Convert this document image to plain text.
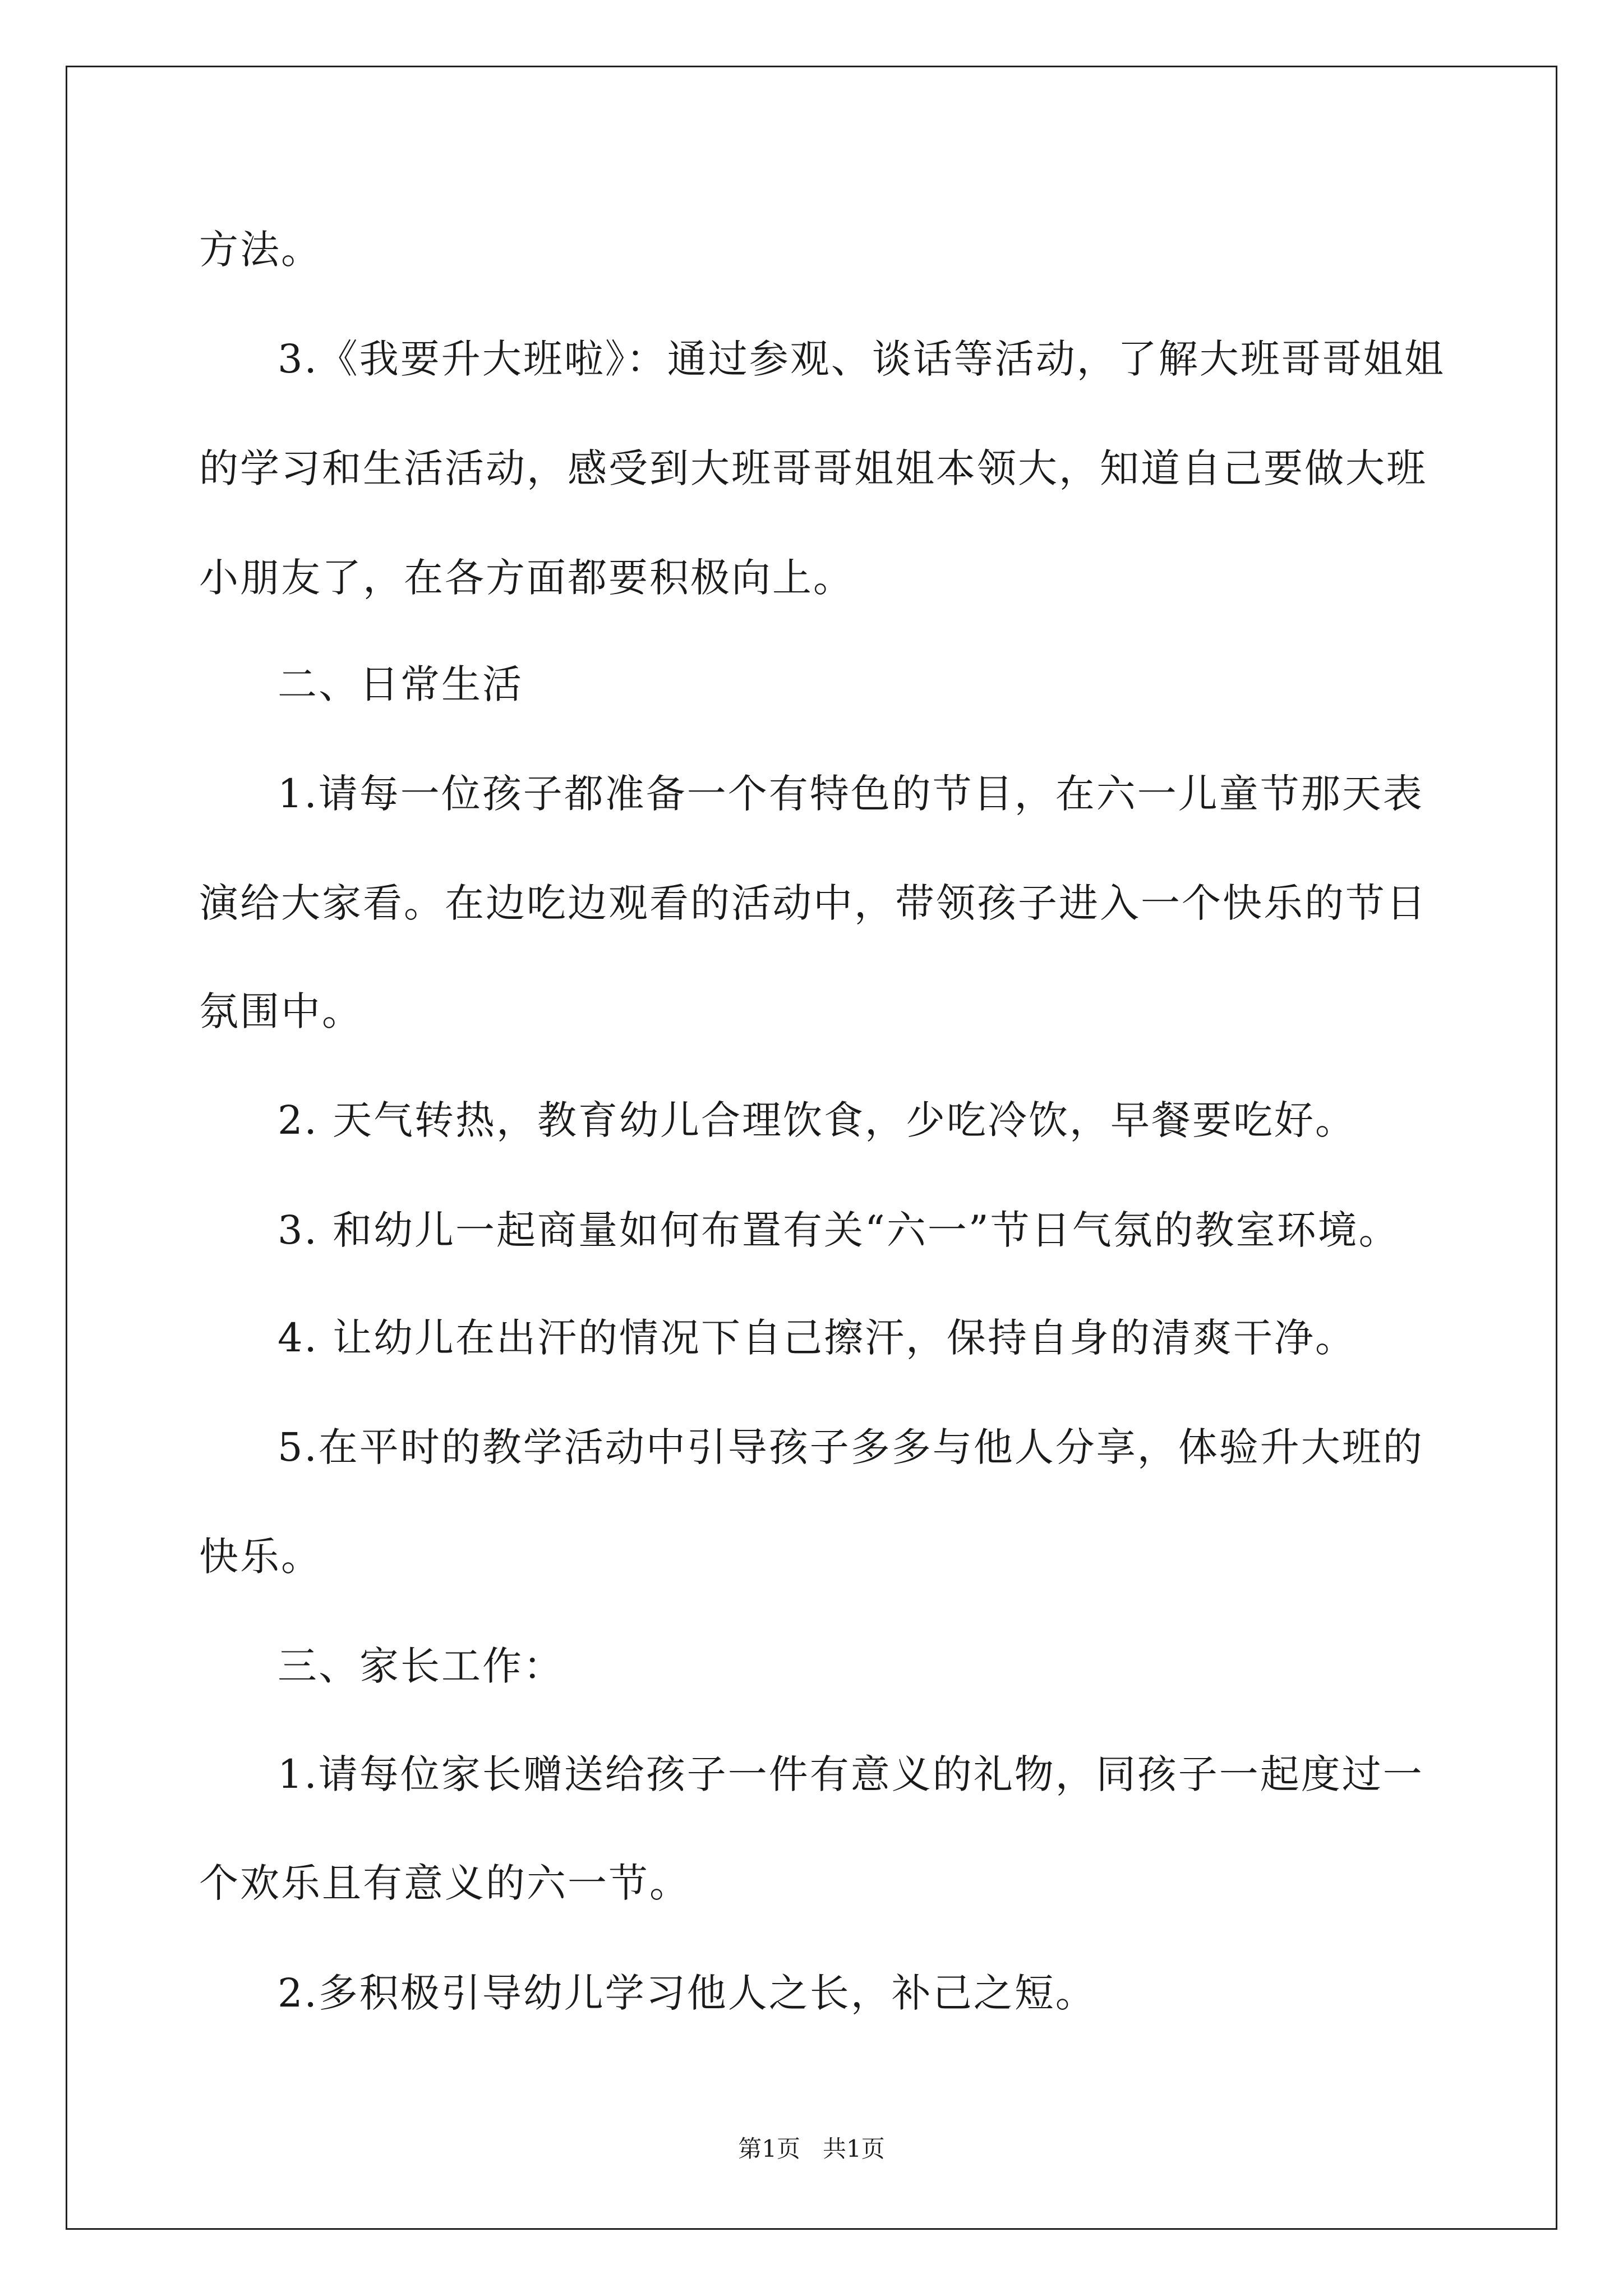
方法。
3.《我要升大班啦》：通过参观、谈话等活动，了解大班哥哥姐姐
的学习和生活活动，感受到大班哥哥姐姐本领大，知道自己要做大班
小朋友了，在各方面都要积极向上。
二、日常生活
1.请每一位孩子都准备一个有特色的节目，在六一儿童节那天表
演给大家看。在边吃边观看的活动中，带领孩子进入一个快乐的节日
氛围中。
2. 天气转热，教育幼儿合理饮食，少吃冷饮，早餐要吃好。
3. 和幼儿一起商量如何布置有关“六一”节日气氛的教室环境。
4. 让幼儿在出汗的情况下自己擦汗，保持自身的清爽干净。
5.在平时的教学活动中引导孩子多多与他人分享，体验升大班的
快乐。
三、家长工作：
1.请每位家长赠送给孩子一件有意义的礼物，同孩子一起度过一
个欢乐且有意义的六一节。
2.多积极引导幼儿学习他人之长，补己之短。
第1页   共1页
